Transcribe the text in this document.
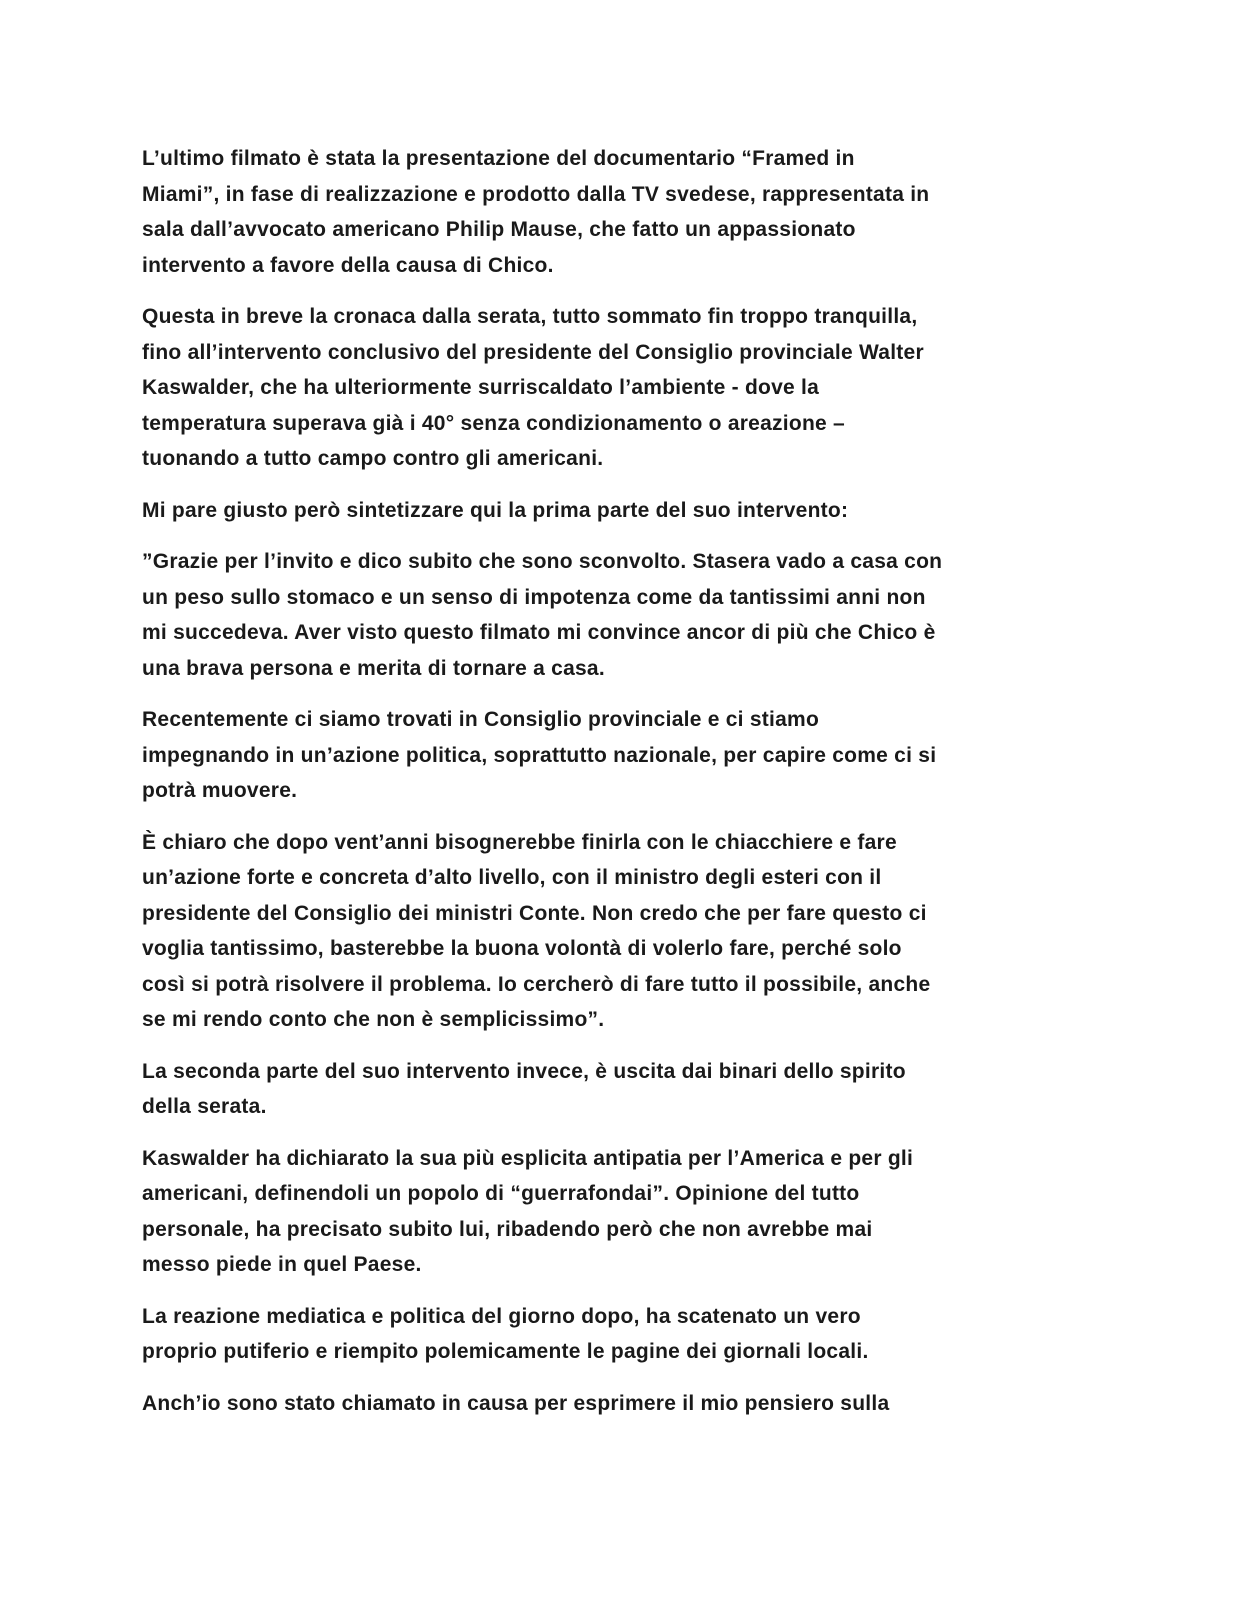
L’ultimo filmato è stata la presentazione del documentario “Framed in
Miami”, in fase di realizzazione e prodotto dalla TV svedese, rappresentata in
sala dall’avvocato americano Philip Mause, che fatto un appassionato
intervento a favore della causa di Chico.

Questa in breve la cronaca dalla serata, tutto sommato fin troppo tranquilla,
fino all’intervento conclusivo del presidente del Consiglio provinciale Walter
Kaswalder, che ha ulteriormente surriscaldato l’ambiente - dove la
temperatura superava già i 40° senza condizionamento o areazione –
tuonando a tutto campo contro gli americani.

Mi pare giusto però sintetizzare qui la prima parte del suo intervento:

”Grazie per l’invito e dico subito che sono sconvolto. Stasera vado a casa con
un peso sullo stomaco e un senso di impotenza come da tantissimi anni non
mi succedeva. Aver visto questo filmato mi convince ancor di più che Chico è
una brava persona e merita di tornare a casa.

Recentemente ci siamo trovati in Consiglio provinciale e ci stiamo
impegnando in un’azione politica, soprattutto nazionale, per capire come ci si
potrà muovere.

È chiaro che dopo vent’anni bisognerebbe finirla con le chiacchiere e fare
un’azione forte e concreta d’alto livello, con il ministro degli esteri con il
presidente del Consiglio dei ministri Conte. Non credo che per fare questo ci
voglia tantissimo, basterebbe la buona volontà di volerlo fare, perché solo
così si potrà risolvere il problema. Io cercherò di fare tutto il possibile, anche
se mi rendo conto che non è semplicissimo”.

La seconda parte del suo intervento invece, è uscita dai binari dello spirito
della serata.

Kaswalder ha dichiarato la sua più esplicita antipatia per l’America e per gli
americani, definendoli un popolo di “guerrafondai”. Opinione del tutto
personale, ha precisato subito lui, ribadendo però che non avrebbe mai
messo piede in quel Paese.

La reazione mediatica e politica del giorno dopo, ha scatenato un vero
proprio putiferio e riempito polemicamente le pagine dei giornali locali.

Anch’io sono stato chiamato in causa per esprimere il mio pensiero sulla
